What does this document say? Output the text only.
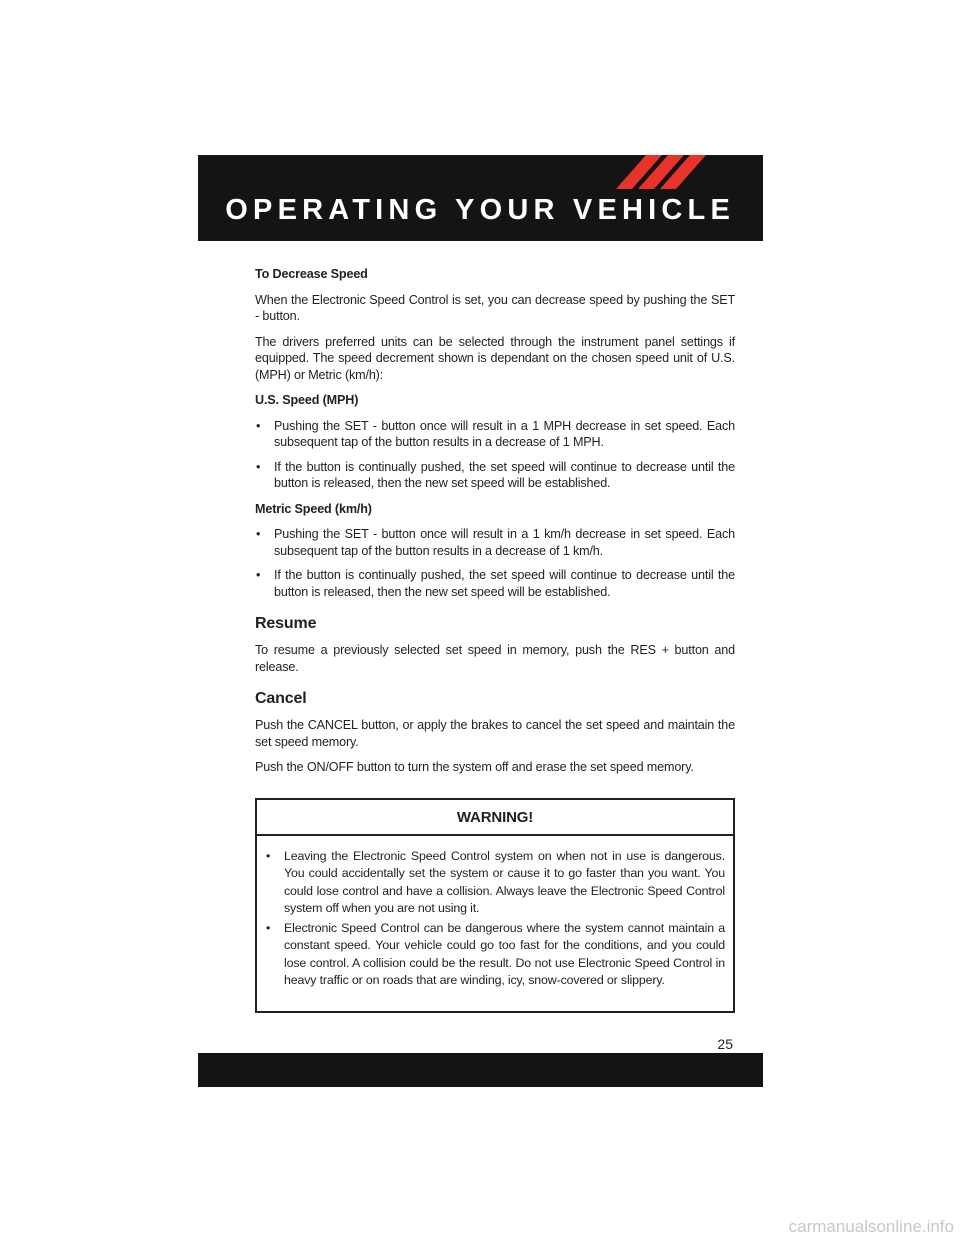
OPERATING YOUR VEHICLE
To Decrease Speed

When the Electronic Speed Control is set, you can decrease speed by pushing the SET - button.

The drivers preferred units can be selected through the instrument panel settings if equipped. The speed decrement shown is dependant on the chosen speed unit of U.S. (MPH) or Metric (km/h):

U.S. Speed (MPH)
• Pushing the SET - button once will result in a 1 MPH decrease in set speed. Each subsequent tap of the button results in a decrease of 1 MPH.
• If the button is continually pushed, the set speed will continue to decrease until the button is released, then the new set speed will be established.
Metric Speed (km/h)
• Pushing the SET - button once will result in a 1 km/h decrease in set speed. Each subsequent tap of the button results in a decrease of 1 km/h.
• If the button is continually pushed, the set speed will continue to decrease until the button is released, then the new set speed will be established.
Resume

To resume a previously selected set speed in memory, push the RES + button and release.

Cancel

Push the CANCEL button, or apply the brakes to cancel the set speed and maintain the set speed memory.

Push the ON/OFF button to turn the system off and erase the set speed memory.

WARNING!
• Leaving the Electronic Speed Control system on when not in use is dangerous. You could accidentally set the system or cause it to go faster than you want. You could lose control and have a collision. Always leave the Electronic Speed Control system off when you are not using it.
• Electronic Speed Control can be dangerous where the system cannot maintain a constant speed. Your vehicle could go too fast for the conditions, and you could lose control. A collision could be the result. Do not use Electronic Speed Control in heavy traffic or on roads that are winding, icy, snow-covered or slippery.
25
carmanualsonline.info
